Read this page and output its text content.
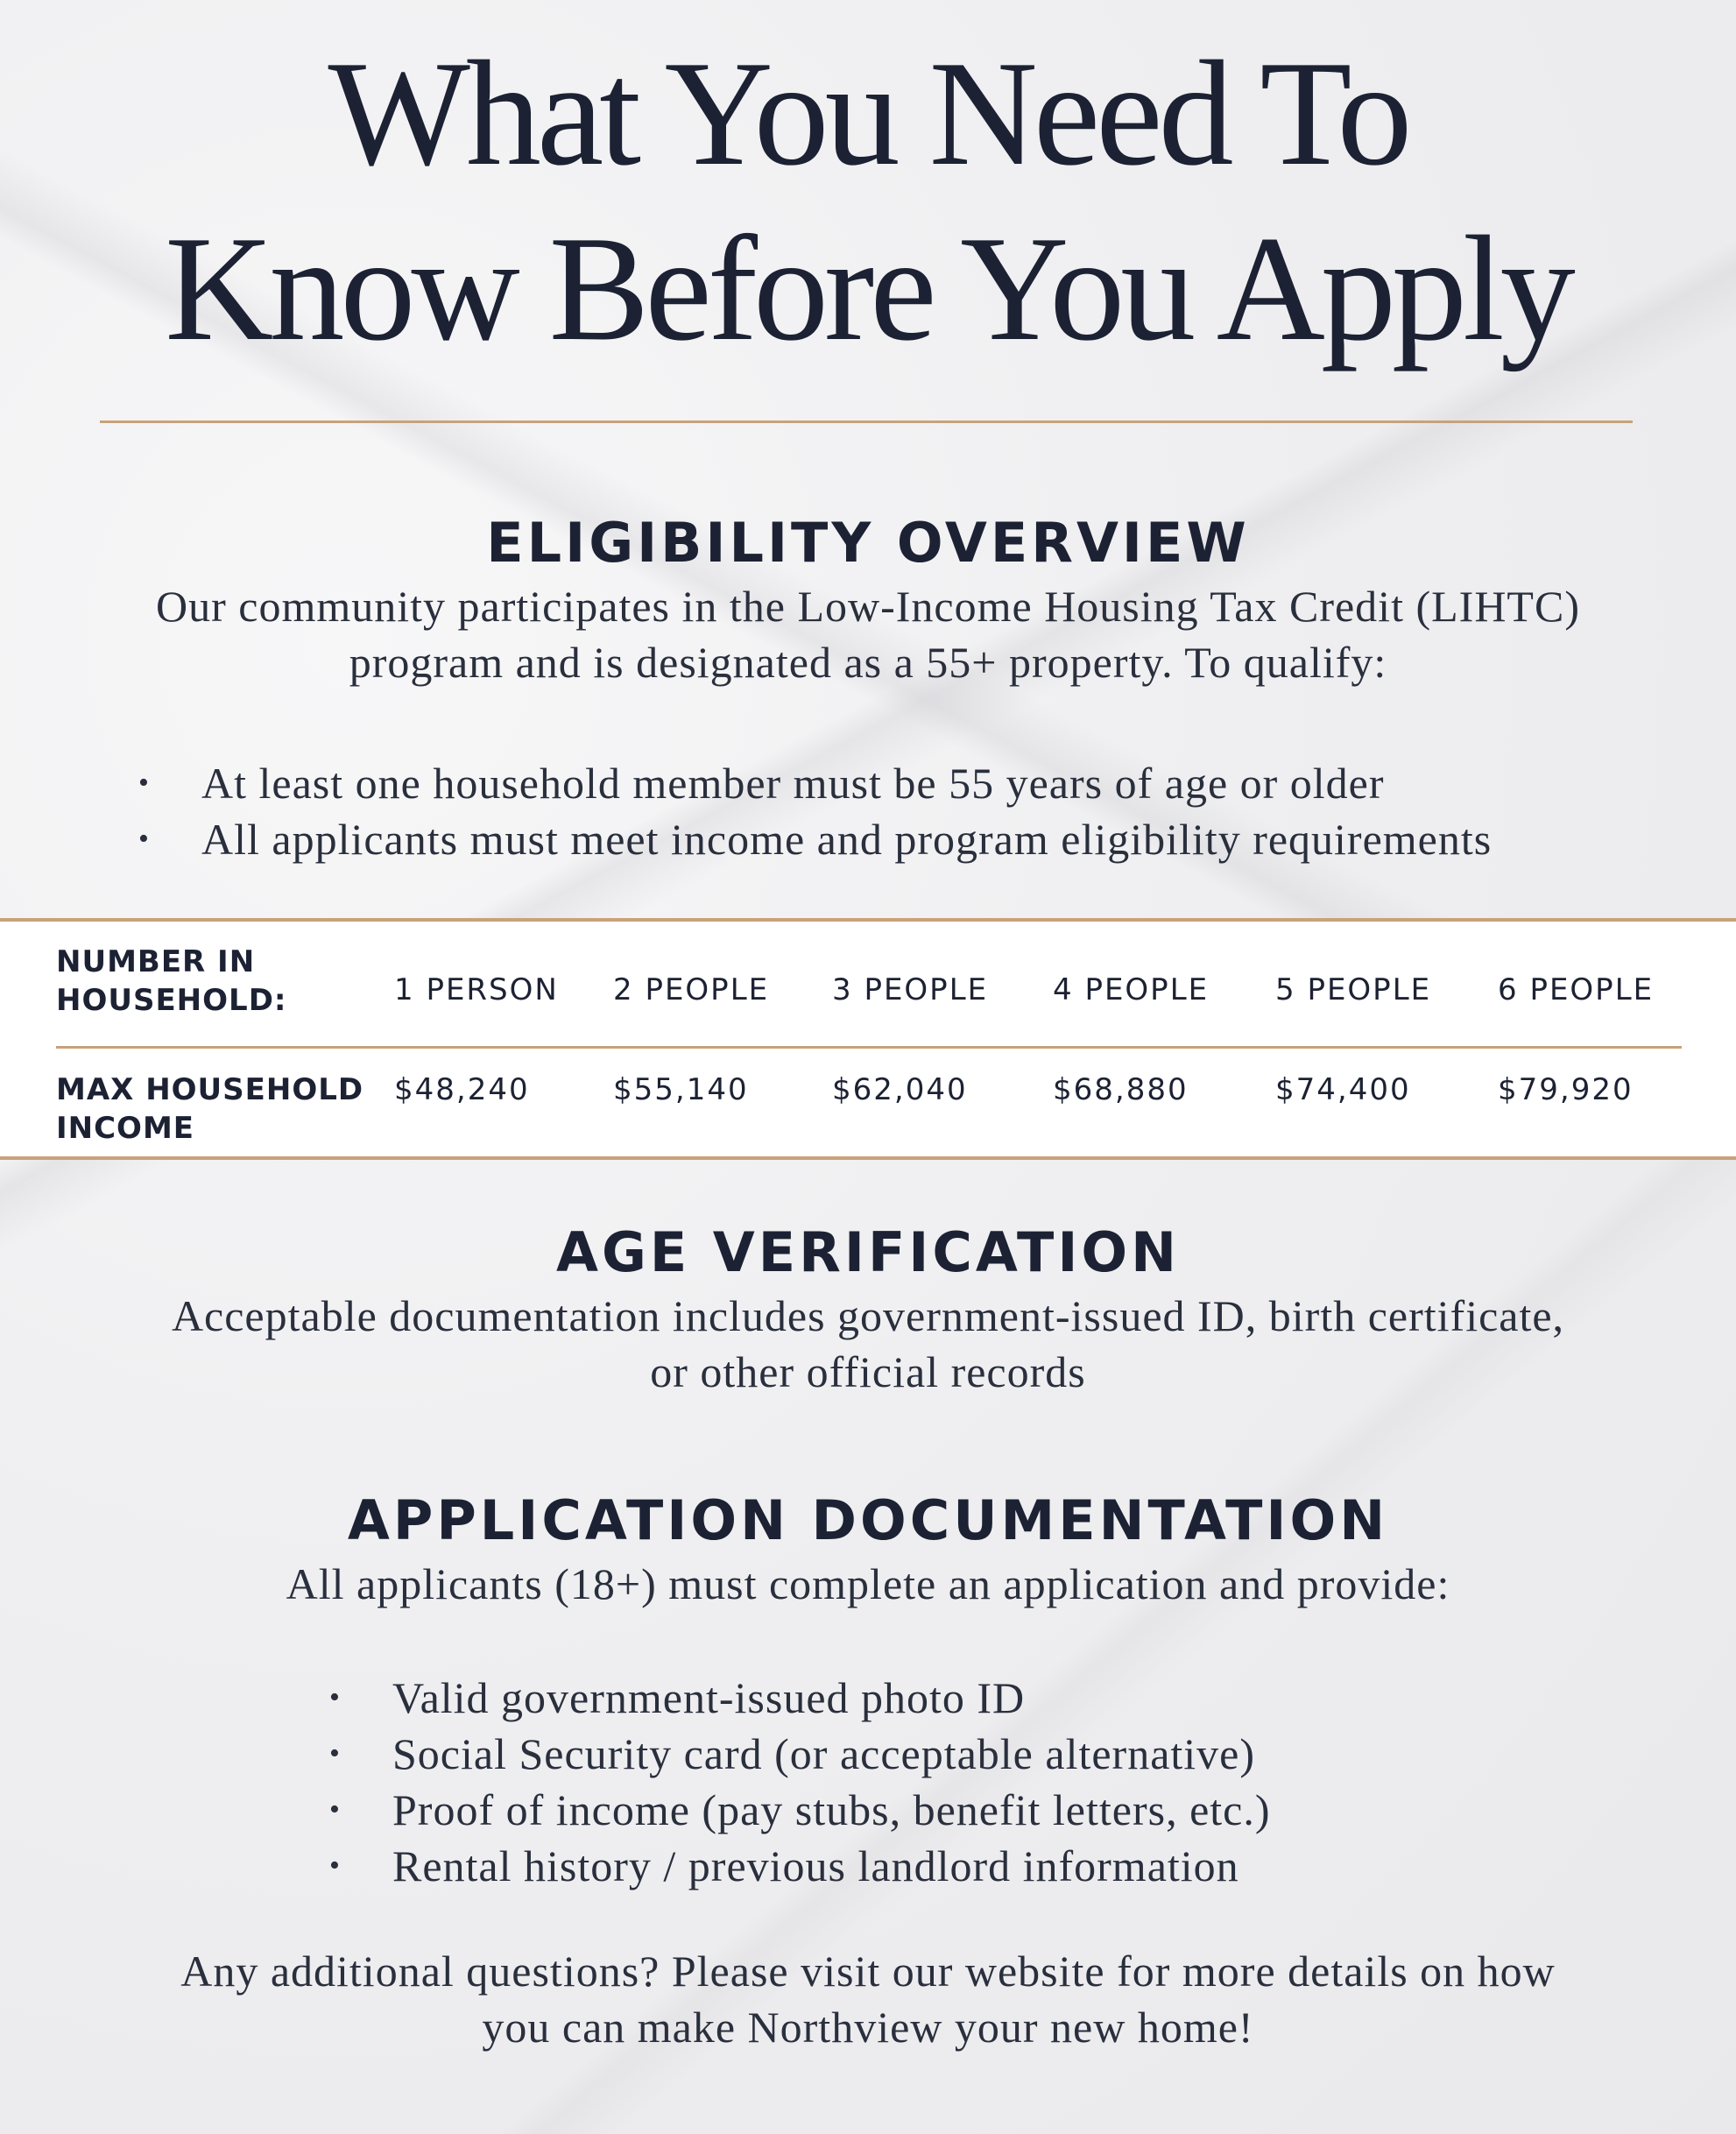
What You Need To
Know Before You Apply
ELIGIBILITY OVERVIEW

Our community participates in the Low-Income Housing Tax Credit (LIHTC)

program and is designated as a 55+ property. To qualify:

• At least one household member must be 55 years of age or older
• All applicants must meet income and program eligibility requirements
NUMBER IN
HOUSEHOLD:	1 PERSON 2 PEOPLE 3 PEOPLE 4 PEOPLE 5 PEOPLE 6 PEOPLE
MAX HOUSEHOLD
INCOME
$48,240	$55,140	$62,040	$68,880	$74,400	$79,920
AGE VERIFICATION

Acceptable documentation includes government-issued ID, birth certificate,

or other official records

APPLICATION DOCUMENTATION

All applicants (18+) must complete an application and provide:

• Valid government-issued photo ID
• Social Security card (or acceptable alternative)
• Proof of income (pay stubs, benefit letters, etc.)
• Rental history / previous landlord information

Any additional questions? Please visit our website for more details on how

you can make Northview your new home!
